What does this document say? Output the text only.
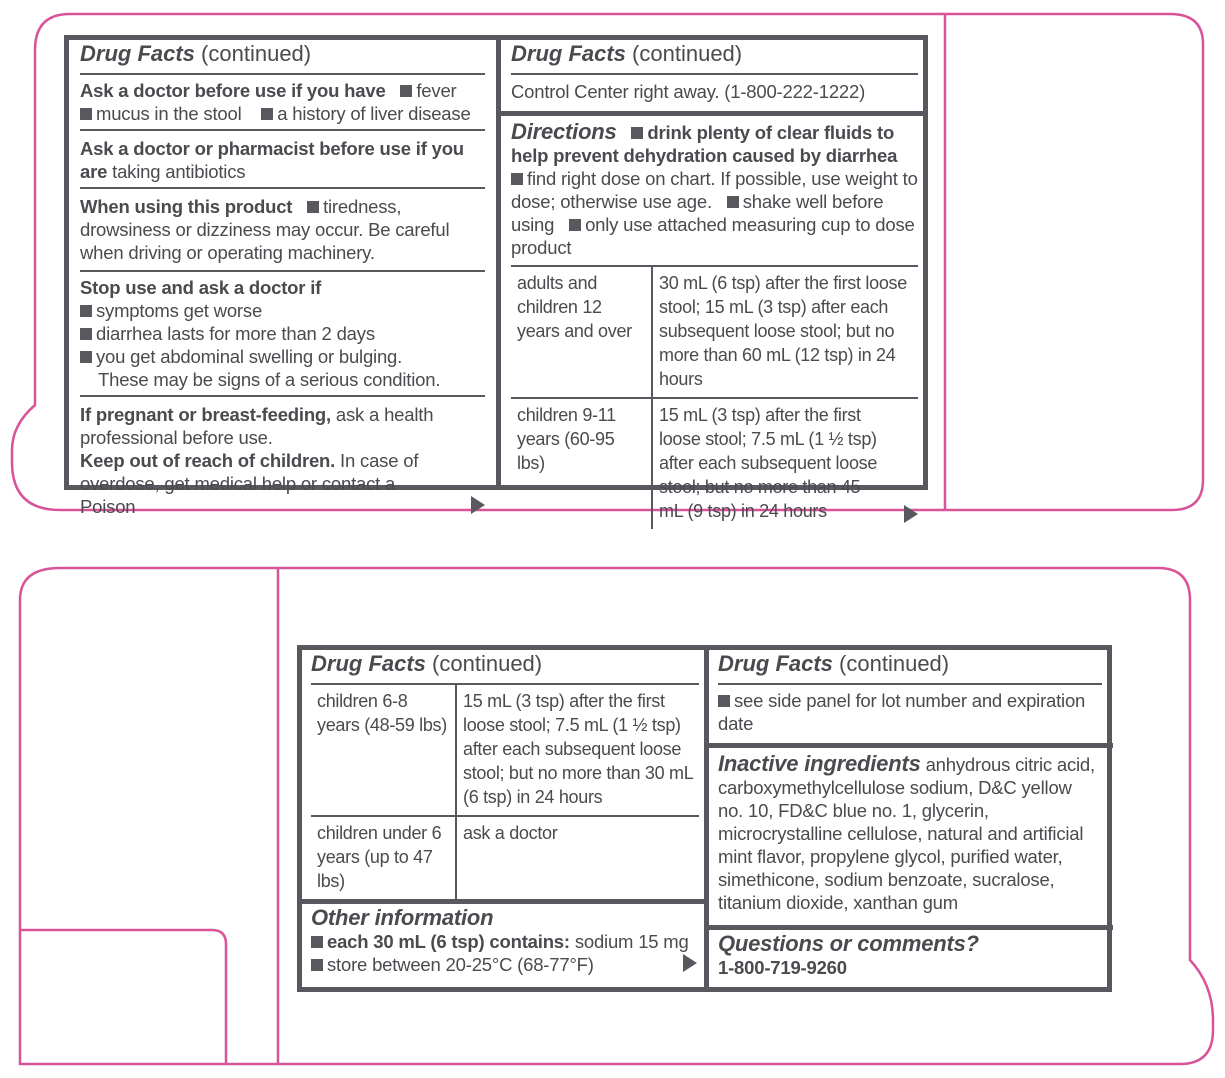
Drug Facts (continued)

Ask a doctor before use if you have fever

mucus in the stool a history of liver disease

Ask a doctor or pharmacist before use if you are taking antibiotics

When using this product tiredness, drowsiness or dizziness may occur. Be careful when driving or operating machinery.

Stop use and ask a doctor if

symptoms get worse

diarrhea lasts for more than 2 days

you get abdominal swelling or bulging.

These may be signs of a serious condition.

If pregnant or breast-feeding, ask a health professional before use.

Keep out of reach of children. In case of overdose, get medical help or contact a Poison

Drug Facts (continued)

Control Center right away. (1-800-222-1222)

Directions drink plenty of clear fluids to help prevent dehydration caused by diarrhea

find right dose on chart. If possible, use weight to dose; otherwise use age. shake well before using only use attached measuring cup to dose product

adults and children 12 years and over	30 mL (6 tsp) after the first loose stool; 15 mL (3 tsp) after each subsequent loose stool; but no more than 60 mL (12 tsp) in 24 hours
children 9-11 years (60-95 lbs)	15 mL (3 tsp) after the first loose stool; 7.5 mL (1 ½ tsp) after each subsequent loose stool; but no more than 45 mL (9 tsp) in 24 hours
Drug Facts (continued)
children 6-8 years (48-59 lbs)	15 mL (3 tsp) after the first loose stool; 7.5 mL (1 ½ tsp) after each subsequent loose stool; but no more than 30 mL (6 tsp) in 24 hours
children under 6 years (up to 47 lbs)	ask a doctor

Other information

each 30 mL (6 tsp) contains: sodium 15 mg

store between 20-25°C (68-77°F)

Drug Facts (continued)

see side panel for lot number and expiration date

Inactive ingredients anhydrous citric acid, carboxymethylcellulose sodium, D&C yellow no. 10, FD&C blue no. 1, glycerin, microcrystalline cellulose, natural and artificial mint flavor, propylene glycol, purified water, simethicone, sodium benzoate, sucralose, titanium dioxide, xanthan gum

Questions or comments?

1-800-719-9260
